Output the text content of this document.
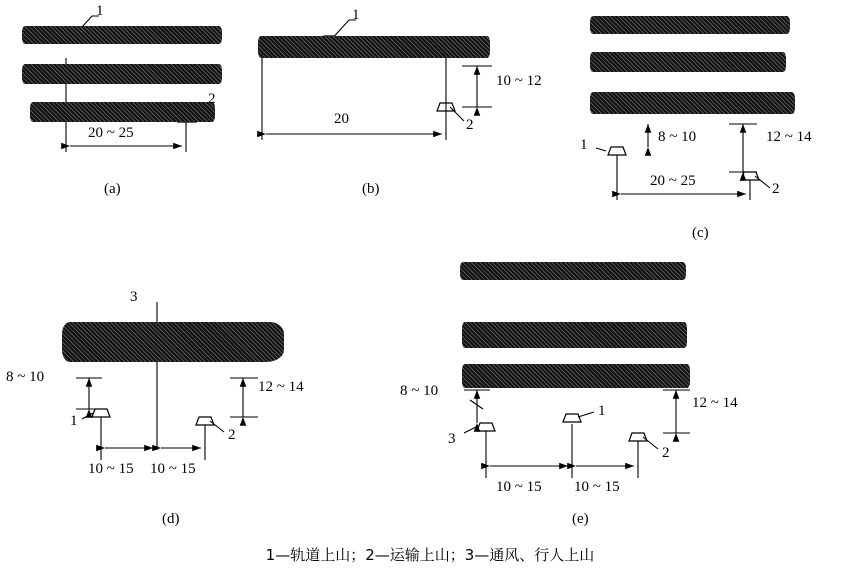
1
2
20 ~ 25
(a)
1
2
10 ~ 12
20
(b)
1
2
8 ~ 10	12 ~ 14
20 ~ 25
(c)
3
1
2
8 ~ 10
12 ~ 14
10 ~ 15 10 ~ 15
(d)
1
2
3
8 ~ 10
12 ~ 14
10 ~ 15 10 ~ 15
(e)
1—轨道上山；2—运输上山；3—通风、行人上山
